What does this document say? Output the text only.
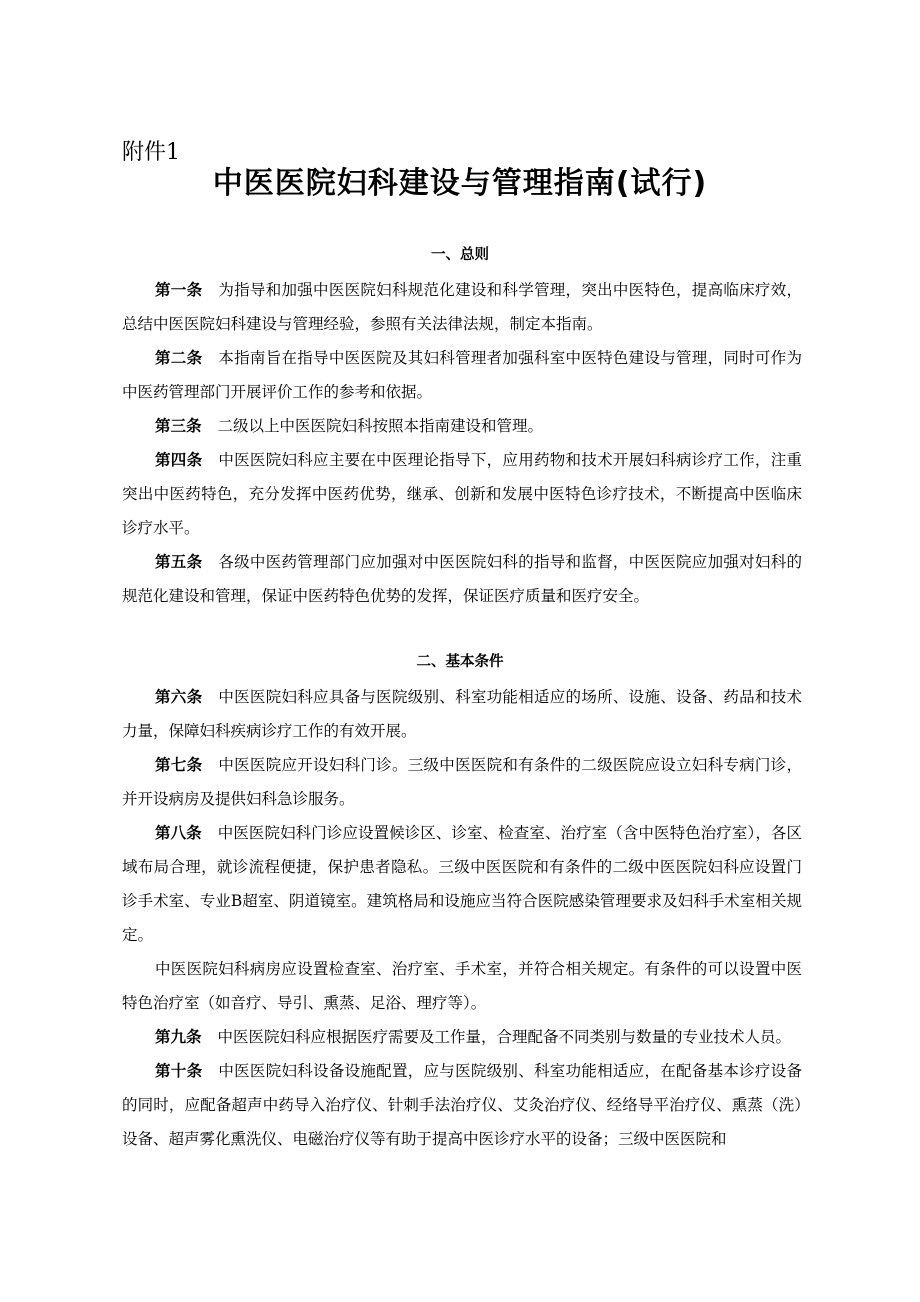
附件1
中医医院妇科建设与管理指南(试行)
一、总则
第一条 为指导和加强中医医院妇科规范化建设和科学管理，突出中医特色，提高临床疗效，总结中医医院妇科建设与管理经验，参照有关法律法规，制定本指南。
第二条 本指南旨在指导中医医院及其妇科管理者加强科室中医特色建设与管理，同时可作为中医药管理部门开展评价工作的参考和依据。
第三条 二级以上中医医院妇科按照本指南建设和管理。
第四条 中医医院妇科应主要在中医理论指导下，应用药物和技术开展妇科病诊疗工作，注重突出中医药特色，充分发挥中医药优势，继承、创新和发展中医特色诊疗技术，不断提高中医临床诊疗水平。
第五条 各级中医药管理部门应加强对中医医院妇科的指导和监督，中医医院应加强对妇科的规范化建设和管理，保证中医药特色优势的发挥，保证医疗质量和医疗安全。
二、基本条件
第六条 中医医院妇科应具备与医院级别、科室功能相适应的场所、设施、设备、药品和技术力量，保障妇科疾病诊疗工作的有效开展。
第七条 中医医院应开设妇科门诊。三级中医医院和有条件的二级医院应设立妇科专病门诊，并开设病房及提供妇科急诊服务。
第八条 中医医院妇科门诊应设置候诊区、诊室、检查室、治疗室（含中医特色治疗室），各区域布局合理，就诊流程便捷，保护患者隐私。三级中医医院和有条件的二级中医医院妇科应设置门诊手术室、专业B超室、阴道镜室。建筑格局和设施应当符合医院感染管理要求及妇科手术室相关规定。
中医医院妇科病房应设置检查室、治疗室、手术室，并符合相关规定。有条件的可以设置中医特色治疗室（如音疗、导引、熏蒸、足浴、理疗等）。
第九条 中医医院妇科应根据医疗需要及工作量，合理配备不同类别与数量的专业技术人员。
第十条 中医医院妇科设备设施配置，应与医院级别、科室功能相适应，在配备基本诊疗设备的同时，应配备超声中药导入治疗仪、针刺手法治疗仪、艾灸治疗仪、经络导平治疗仪、熏蒸（洗）设备、超声雾化熏洗仪、电磁治疗仪等有助于提高中医诊疗水平的设备；三级中医医院和
